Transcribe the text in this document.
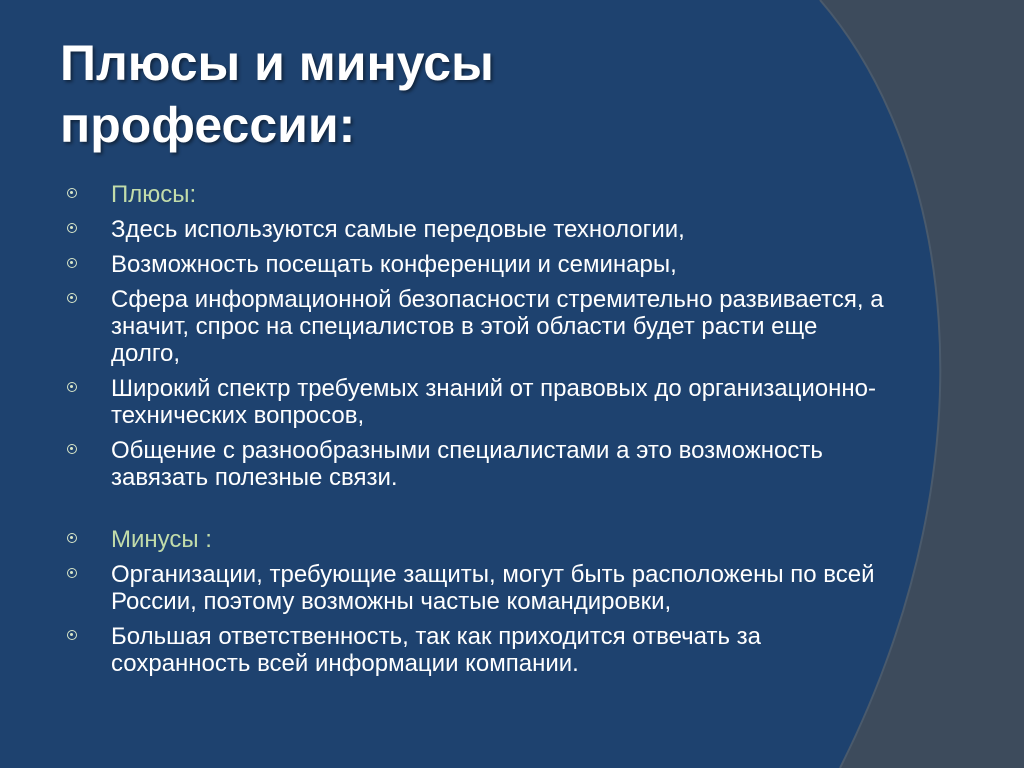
Плюсы и минусы
профессии:
Плюсы:
Здесь используются самые передовые технологии,
Возможность посещать конференции и семинары,
Сфера информационной безопасности стремительно развивается, а значит, спрос на специалистов в этой области будет расти еще долго,
Широкий спектр требуемых знаний от правовых до организационно-технических вопросов,
Общение с разнообразными специалистами а это возможность завязать полезные связи.
Минусы :
Организации, требующие защиты, могут быть расположены по всей России, поэтому возможны частые командировки,
Большая ответственность, так как приходится отвечать за сохранность всей информации компании.
